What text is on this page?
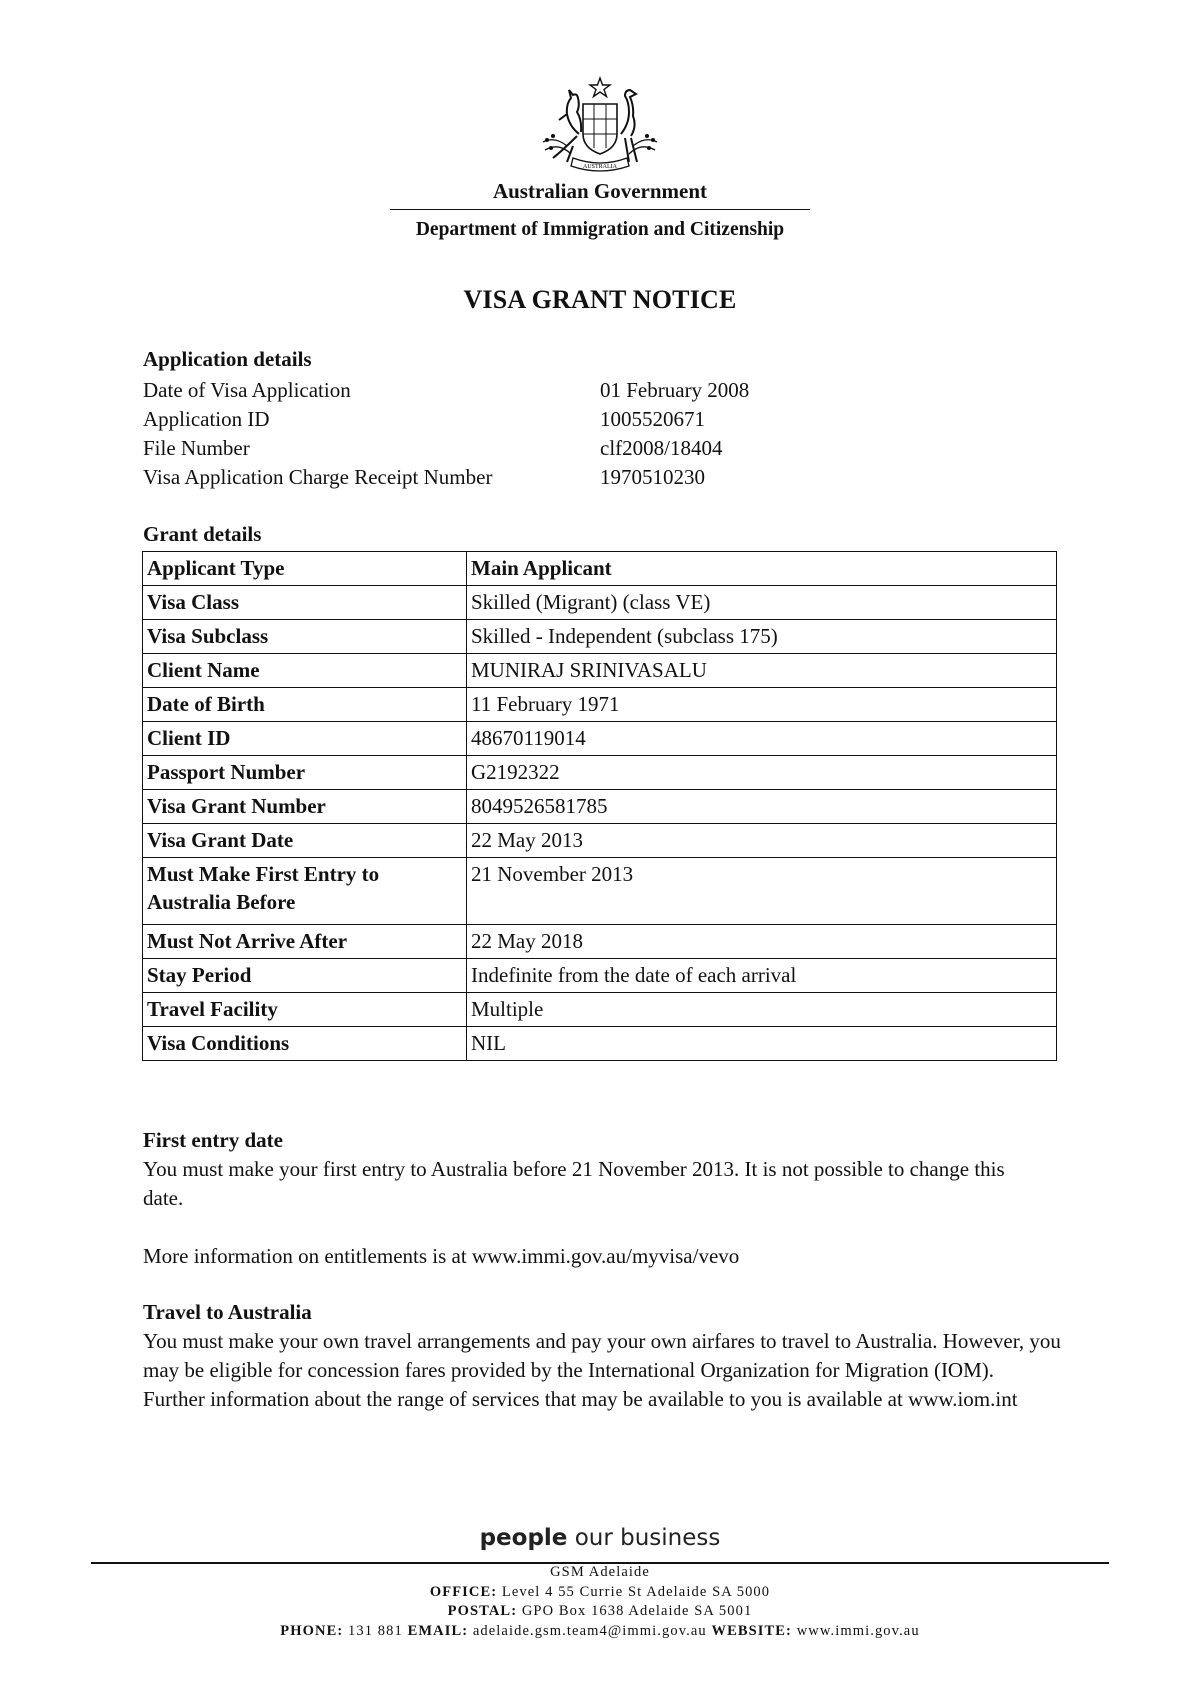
AUSTRALIA
Australian Government
Department of Immigration and Citizenship
VISA GRANT NOTICE
Application details
Date of Visa Application	01 February 2008
Application ID	1005520671
File Number	clf2008/18404
Visa Application Charge Receipt Number	1970510230
Grant details
Applicant Type	Main Applicant
Visa Class	Skilled (Migrant) (class VE)
Visa Subclass	Skilled - Independent (subclass 175)
Client Name	MUNIRAJ SRINIVASALU
Date of Birth	11 February 1971
Client ID	48670119014
Passport Number	G2192322
Visa Grant Number	8049526581785
Visa Grant Date	22 May 2013
Must Make First Entry to Australia Before	21 November 2013
Must Not Arrive After	22 May 2018
Stay Period	Indefinite from the date of each arrival
Travel Facility	Multiple
Visa Conditions	NIL
First entry date
You must make your first entry to Australia before 21 November 2013. It is not possible to change this date.
More information on entitlements is at www.immi.gov.au/myvisa/vevo
Travel to Australia
You must make your own travel arrangements and pay your own airfares to travel to Australia. However, you may be eligible for concession fares provided by the International Organization for Migration (IOM). Further information about the range of services that may be available to you is available at www.iom.int
people our business
GSM Adelaide
OFFICE: Level 4 55 Currie St Adelaide SA 5000
POSTAL: GPO Box 1638 Adelaide SA 5001
PHONE: 131 881 EMAIL: adelaide.gsm.team4@immi.gov.au WEBSITE: www.immi.gov.au
